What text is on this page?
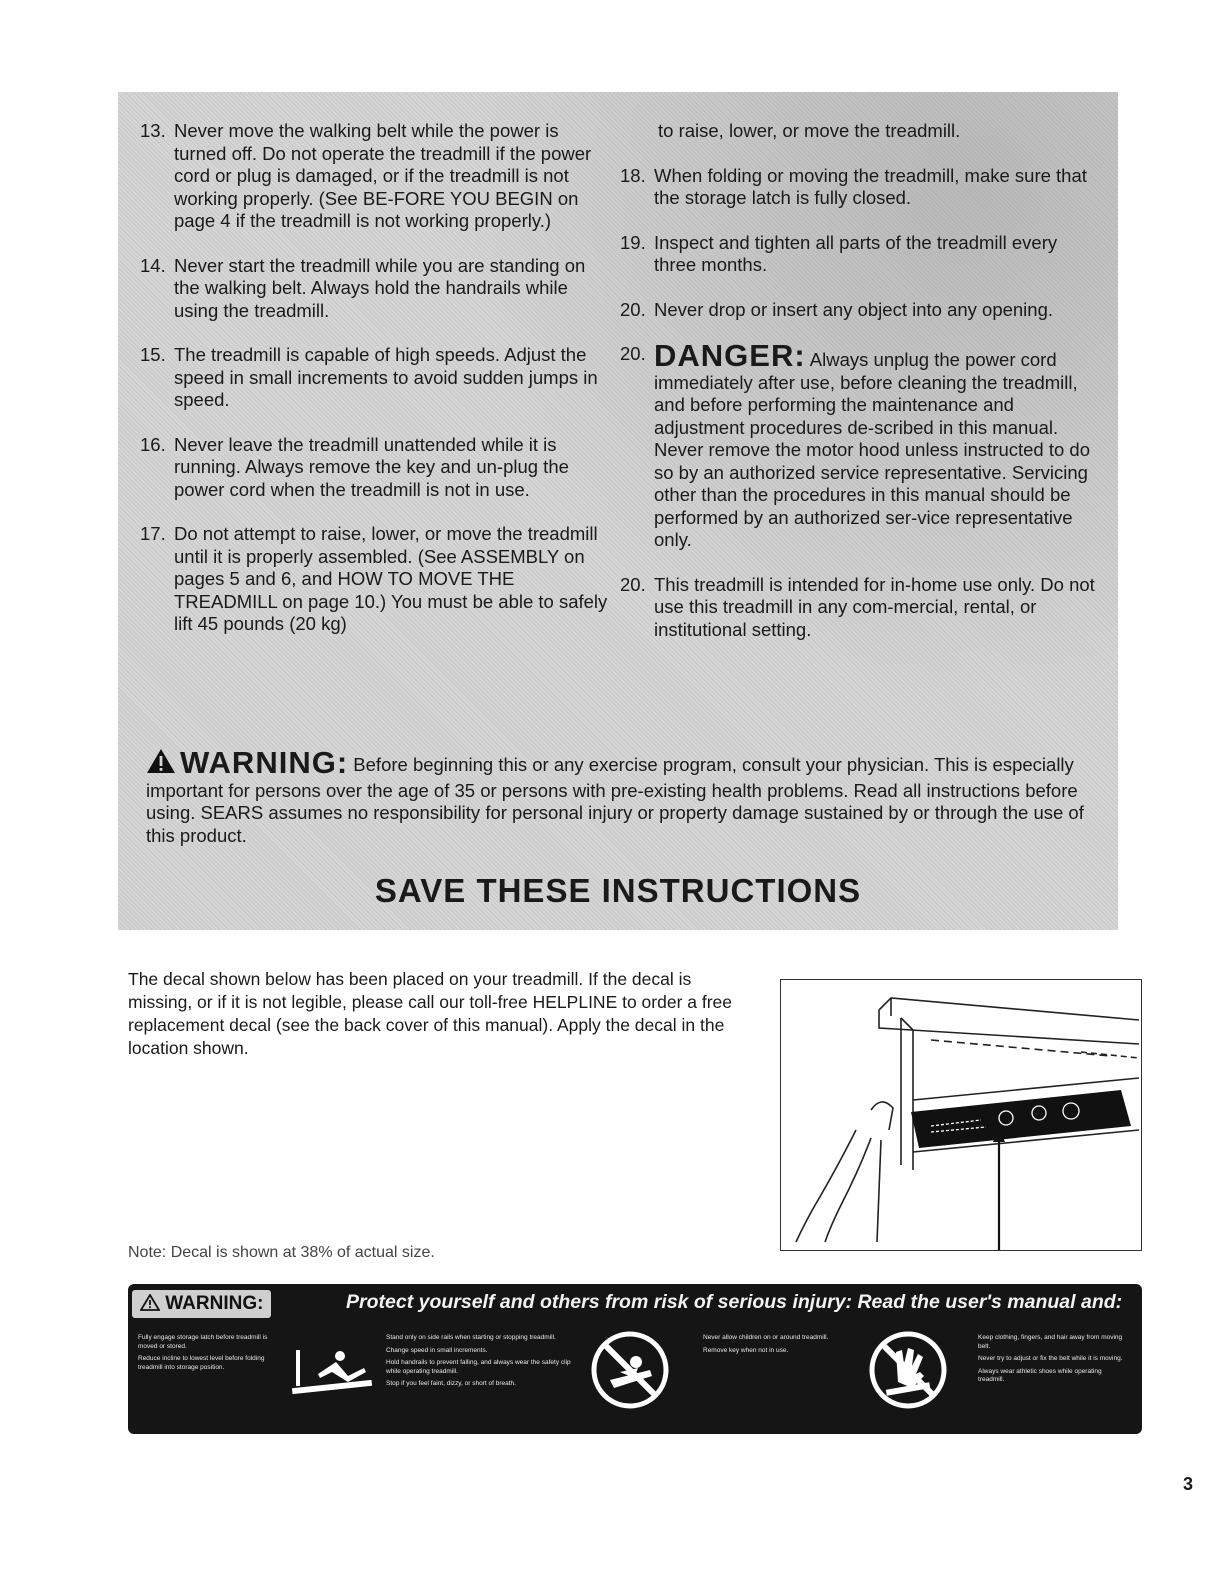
13. Never move the walking belt while the power is turned off. Do not operate the treadmill if the power cord or plug is damaged, or if the treadmill is not working properly. (See BE-FORE YOU BEGIN on page 4 if the treadmill is not working properly.)
14. Never start the treadmill while you are standing on the walking belt. Always hold the handrails while using the treadmill.
15. The treadmill is capable of high speeds. Adjust the speed in small increments to avoid sudden jumps in speed.
16. Never leave the treadmill unattended while it is running. Always remove the key and un-plug the power cord when the treadmill is not in use.
17. Do not attempt to raise, lower, or move the treadmill until it is properly assembled. (See ASSEMBLY on pages 5 and 6, and HOW TO MOVE THE TREADMILL on page 10.) You must be able to safely lift 45 pounds (20 kg)
to raise, lower, or move the treadmill.
18. When folding or moving the treadmill, make sure that the storage latch is fully closed.
19. Inspect and tighten all parts of the treadmill every three months.
20. Never drop or insert any object into any opening.
20. DANGER: Always unplug the power cord immediately after use, before cleaning the treadmill, and before performing the maintenance and adjustment procedures de-scribed in this manual. Never remove the motor hood unless instructed to do so by an authorized service representative. Servicing other than the procedures in this manual should be performed by an authorized ser-vice representative only.
20. This treadmill is intended for in-home use only. Do not use this treadmill in any com-mercial, rental, or institutional setting.
WARNING: Before beginning this or any exercise program, consult your physician. This is especially important for persons over the age of 35 or persons with pre-existing health problems. Read all instructions before using. SEARS assumes no responsibility for personal injury or property damage sustained by or through the use of this product.
SAVE THESE INSTRUCTIONS
The decal shown below has been placed on your treadmill. If the decal is missing, or if it is not legible, please call our toll-free HELPLINE to order a free replacement decal (see the back cover of this manual). Apply the decal in the location shown.
Note: Decal is shown at 38% of actual size.
WARNING:	Protect yourself and others from risk of serious injury: Read the user's manual and:

Fully engage storage latch before treadmill is moved or stored.

Reduce incline to lowest level before folding treadmill into storage position.

Stand only on side rails when starting or stopping treadmill.

Change speed in small increments.

Hold handrails to prevent falling, and always wear the safety clip while operating treadmill.

Stop if you feel faint, dizzy, or short of breath.

Never allow children on or around treadmill.

Remove key when not in use.

Keep clothing, fingers, and hair away from moving belt.

Never try to adjust or fix the belt while it is moving.

Always wear athletic shoes while operating treadmill.

3
